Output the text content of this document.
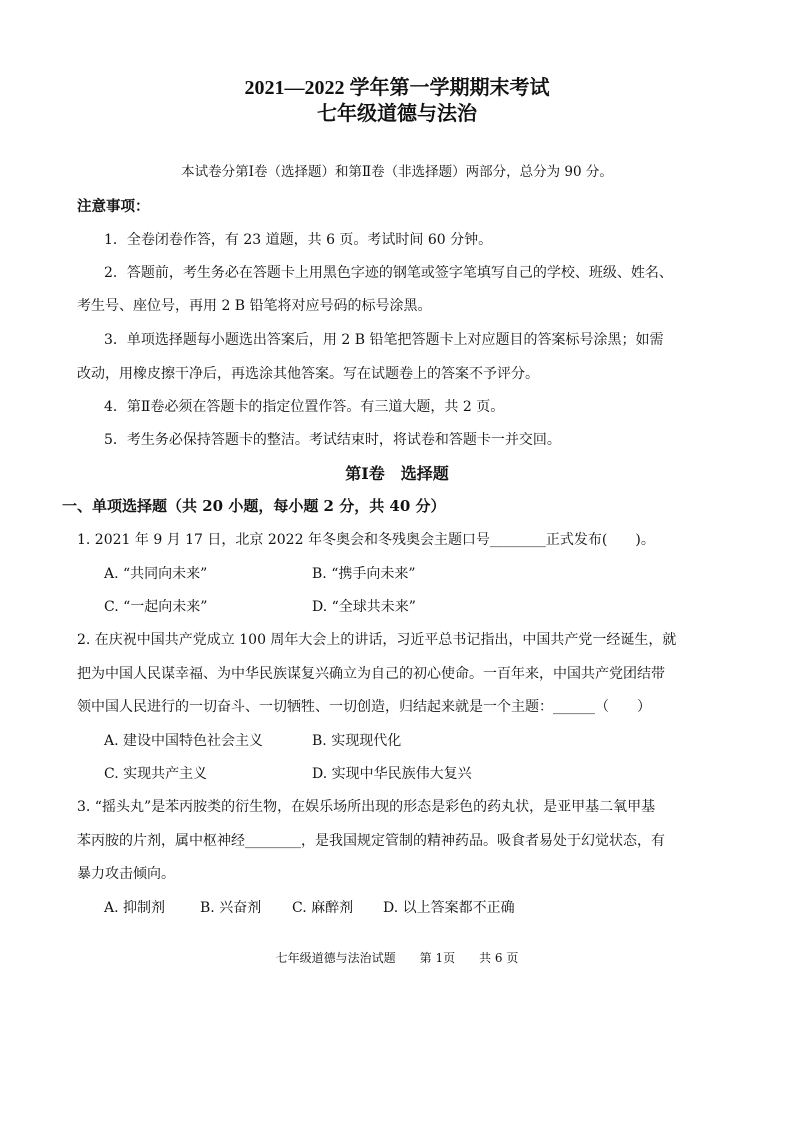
2021—2022 学年第一学期期末考试
七年级道德与法治
本试卷分第Ⅰ卷（选择题）和第Ⅱ卷（非选择题）两部分，总分为 90 分。
注意事项：
1．全卷闭卷作答，有 23 道题，共 6 页。考试时间 60 分钟。
2．答题前，考生务必在答题卡上用黑色字迹的钢笔或签字笔填写自己的学校、班级、姓名、
考生号、座位号，再用 2 B 铅笔将对应号码的标号涂黑。
3．单项选择题每小题选出答案后，用 2 B 铅笔把答题卡上对应题目的答案标号涂黑；如需
改动，用橡皮擦干净后，再选涂其他答案。写在试题卷上的答案不予评分。
4．第Ⅱ卷必须在答题卡的指定位置作答。有三道大题，共 2 页。
5．考生务必保持答题卡的整洁。考试结束时，将试卷和答题卡一并交回。
第Ⅰ卷　选择题
一、单项选择题（共 20 小题，每小题 2 分，共 40 分）
1. 2021 年 9 月 17 日，北京 2022 年冬奥会和冬残奥会主题口号________正式发布(　　)。
A. “共同向未来”	B. “携手向未来”
C. “一起向未来”	D. “全球共未来”
2. 在庆祝中国共产党成立 100 周年大会上的讲话，习近平总书记指出，中国共产党一经诞生，就
把为中国人民谋幸福、为中华民族谋复兴确立为自己的初心使命。一百年来，中国共产党团结带
领中国人民进行的一切奋斗、一切牺牲、一切创造，归结起来就是一个主题：______（　　）
A. 建设中国特色社会主义	B. 实现现代化
C. 实现共产主义	D. 实现中华民族伟大复兴
3. “摇头丸”是苯丙胺类的衍生物，在娱乐场所出现的形态是彩色的药丸状，是亚甲基二氧甲基
苯丙胺的片剂，属中枢神经________，是我国规定管制的精神药品。吸食者易处于幻觉状态，有
暴力攻击倾向。
A. 抑制剂 B. 兴奋剂 C. 麻醉剂 D. 以上答案都不正确
七年级道德与法治试题　　第 1页　　共 6 页
